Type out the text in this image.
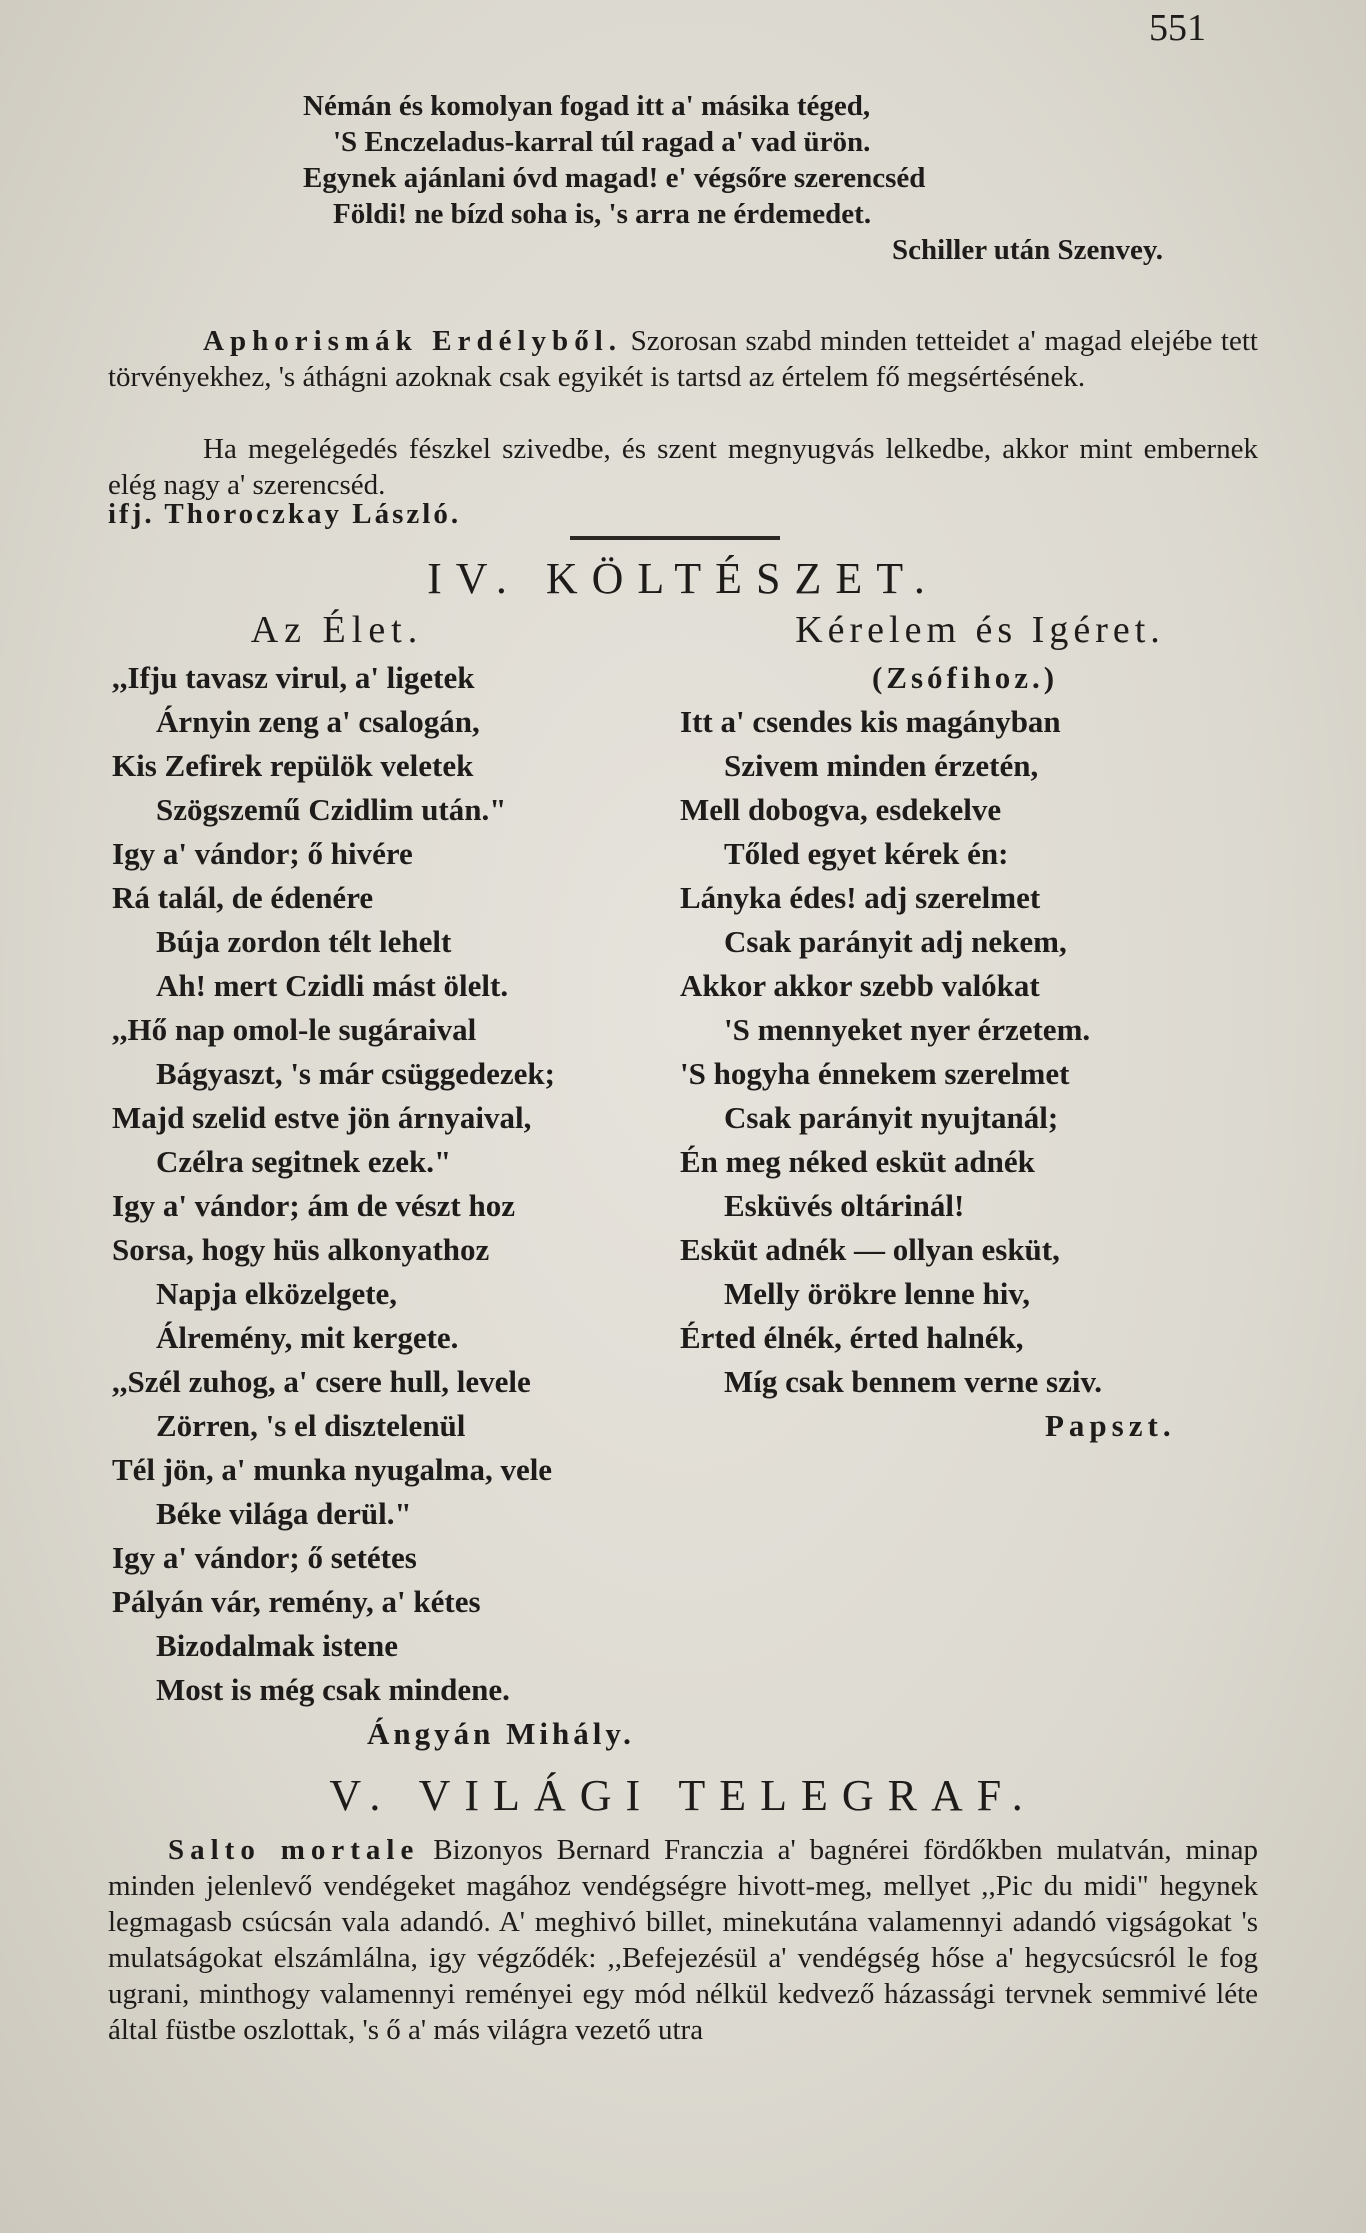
551
Némán és komolyan fogad itt a' másika téged,
'S Enczeladus-karral túl ragad a' vad ürön.
Egynek ajánlani óvd magad! e' végsőre szerencséd
Földi! ne bízd soha is, 's arra ne érdemedet.
Schiller után Szenvey.
Aphorismák Erdélyből. Szorosan szabd minden tetteidet a' magad elejébe tett törvényekhez, 's áthágni azoknak csak egyikét is tartsd az értelem fő megsértésének.
Ha megelégedés fészkel szivedbe, és szent megnyugvás lelkedbe, akkor mint embernek elég nagy a' szerencséd.
ifj. Thoroczkay László.
IV. KÖLTÉSZET.
Az Élet.
,,Ifju tavasz virul, a' ligetek
Árnyin zeng a' csalogán,
Kis Zefirek repülök veletek
Szögszemű Czidlim után."
Igy a' vándor; ő hivére
Rá talál, de édenére
Búja zordon télt lehelt
Ah! mert Czidli mást ölelt.
,,Hő nap omol-le sugáraival
Bágyaszt, 's már csüggedezek;
Majd szelid estve jön árnyaival,
Czélra segitnek ezek."
Igy a' vándor; ám de vészt hoz
Sorsa, hogy hüs alkonyathoz
Napja elközelgete,
Álremény, mit kergete.
,,Szél zuhog, a' csere hull, levele
Zörren, 's el disztelenül
Tél jön, a' munka nyugalma, vele
Béke világa derül."
Igy a' vándor; ő setétes
Pályán vár, remény, a' kétes
Bizodalmak istene
Most is még csak mindene.
Ángyán Mihály.
Kérelem és Igéret.
(Zsófihoz.)
Itt a' csendes kis magányban
Szivem minden érzetén,
Mell dobogva, esdekelve
Tőled egyet kérek én:
Lányka édes! adj szerelmet
Csak parányit adj nekem,
Akkor akkor szebb valókat
'S mennyeket nyer érzetem.
'S hogyha énnekem szerelmet
Csak parányit nyujtanál;
Én meg néked esküt adnék
Esküvés oltárinál!
Esküt adnék — ollyan esküt,
Melly örökre lenne hiv,
Érted élnék, érted halnék,
Míg csak bennem verne sziv.
Papszt.
V. VILÁGI TELEGRAF.
Salto mortale Bizonyos Bernard Franczia a' bagnérei fördőkben mulatván, minap minden jelenlevő vendégeket magához vendégségre hivott-meg, mellyet ,,Pic du midi" hegynek legmagasb csúcsán vala adandó. A' meghivó billet, minekutána valamennyi adandó vigságokat 's mulatságokat elszámlálna, igy végződék: ,,Befejezésül a' vendégség hőse a' hegycsúcsról le fog ugrani, minthogy valamennyi reményei egy mód nélkül kedvező házassági tervnek semmivé léte által füstbe oszlottak, 's ő a' más világra vezető utra
